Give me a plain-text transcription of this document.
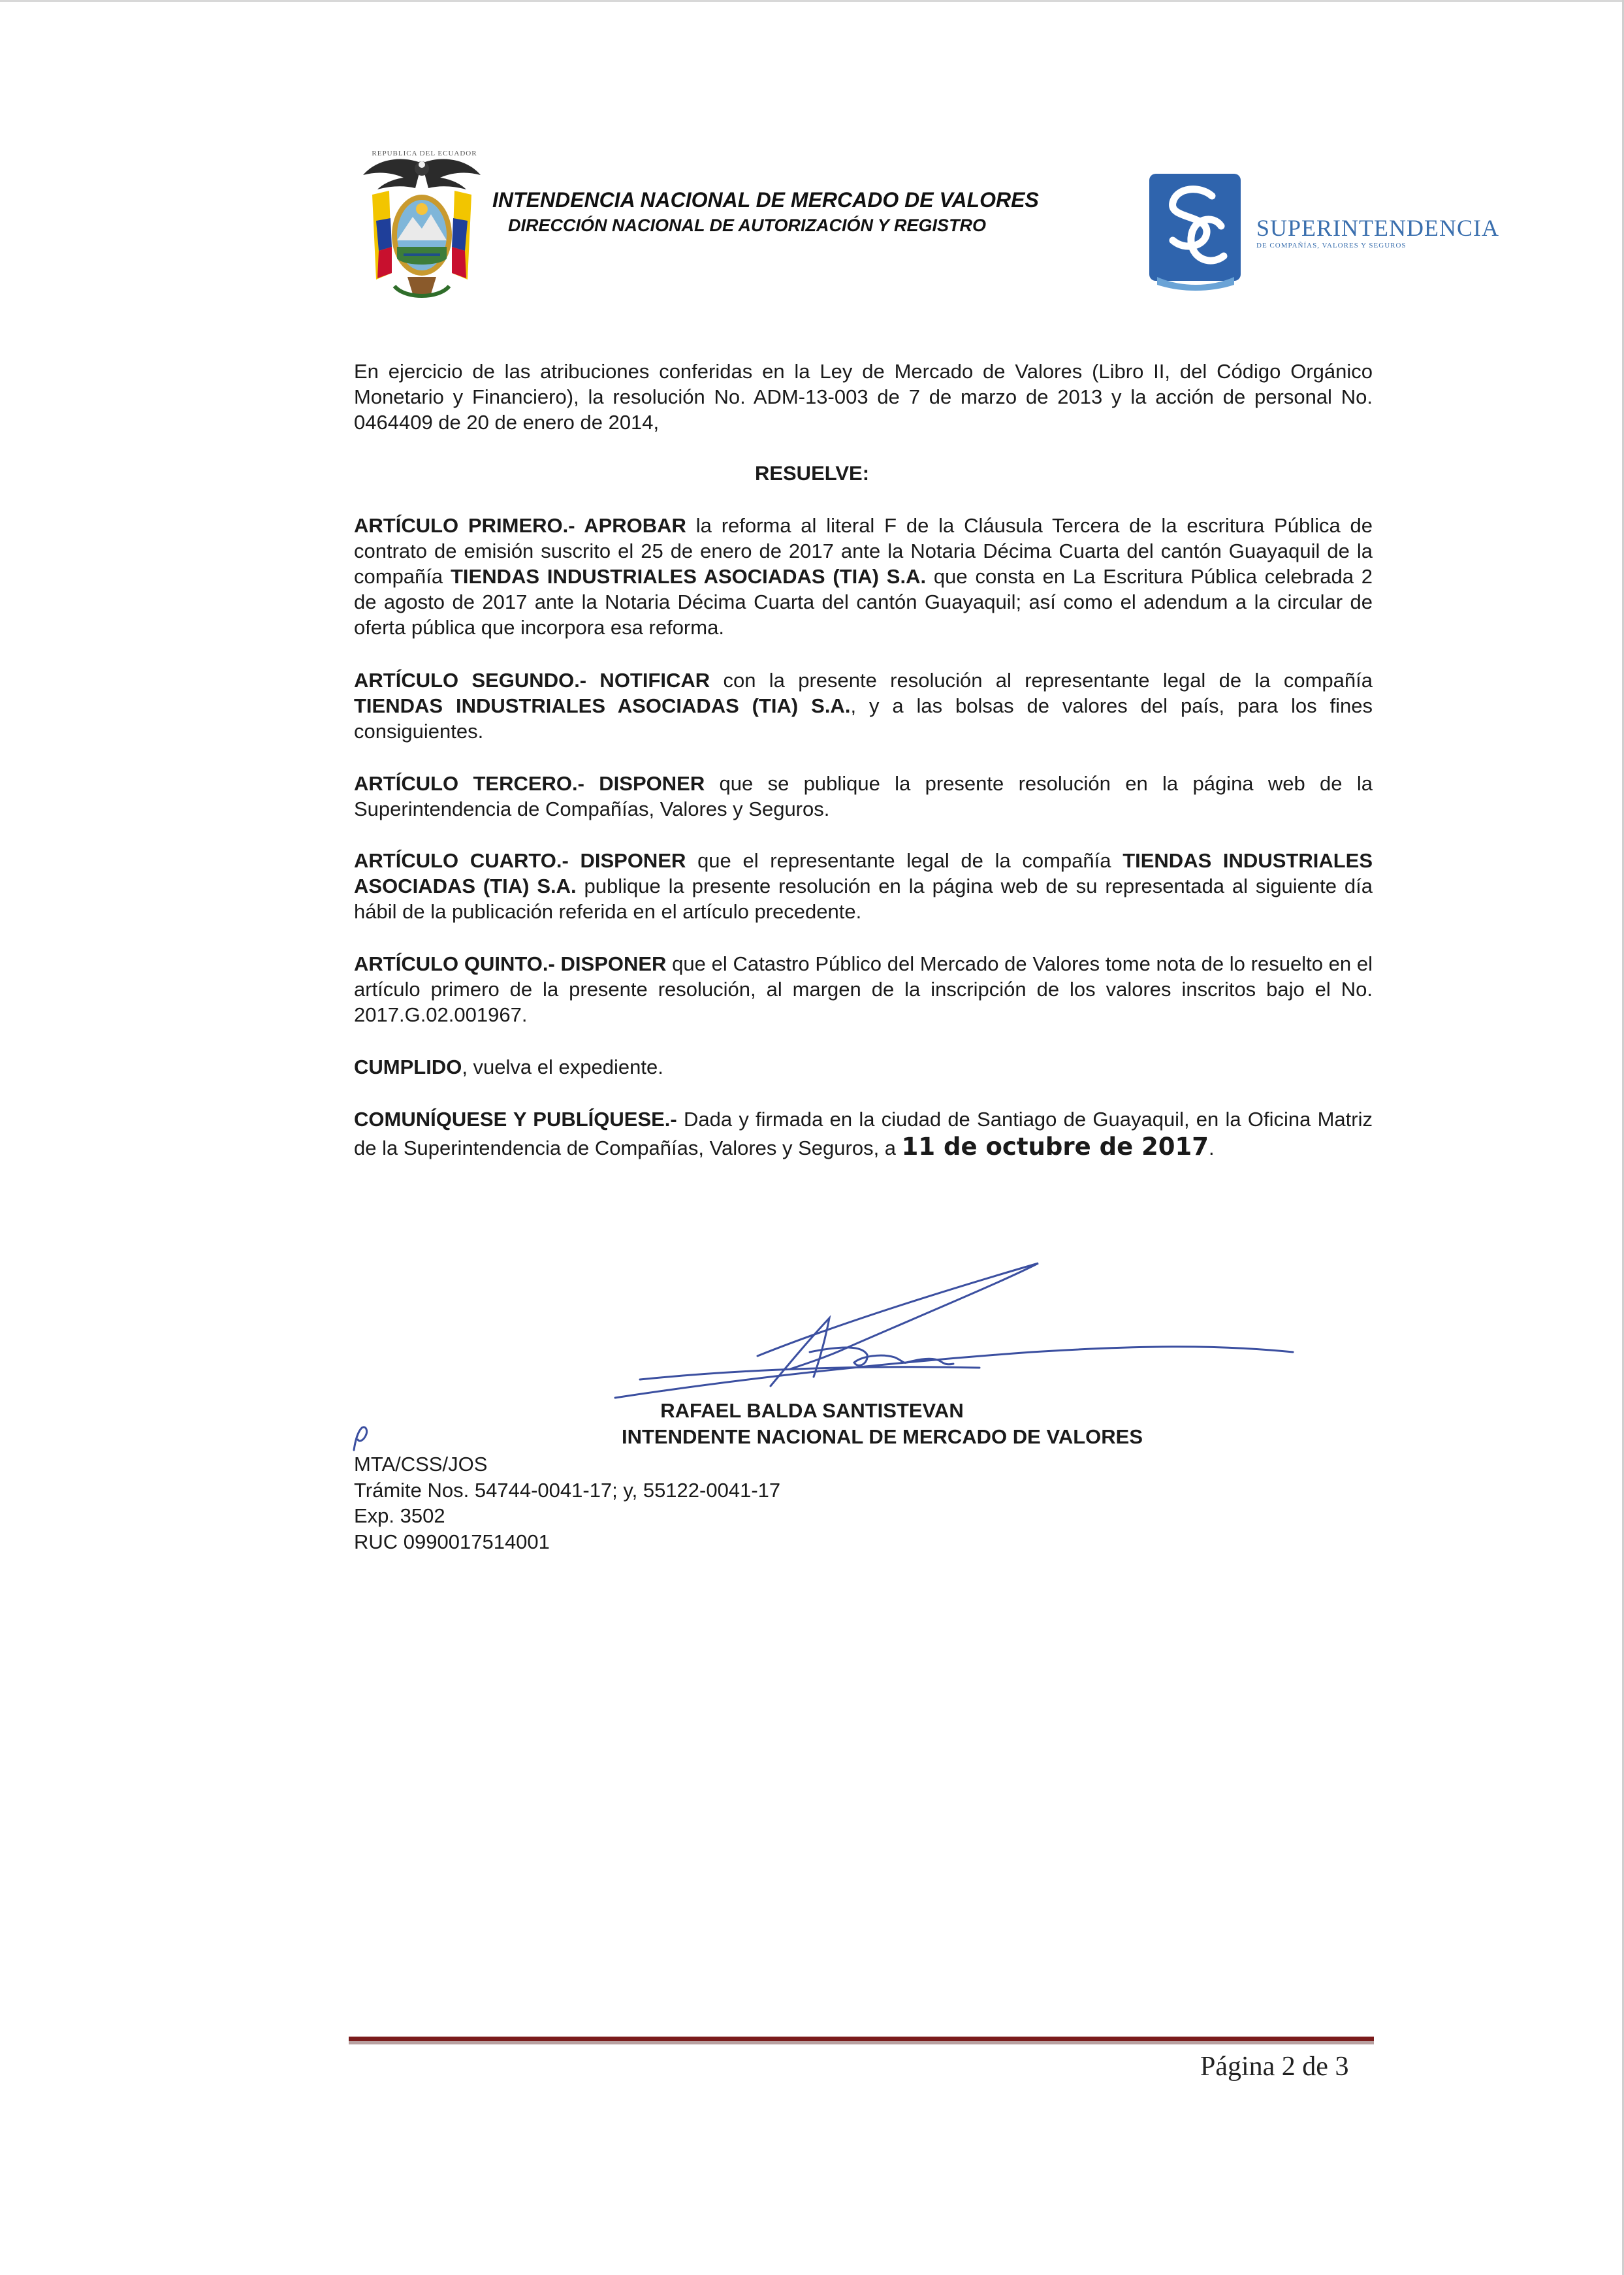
REPUBLICA DEL ECUADOR
INTENDENCIA NACIONAL DE MERCADO DE VALORES
DIRECCIÓN NACIONAL DE AUTORIZACIÓN Y REGISTRO	SUPERINTENDENCIA
DE COMPAÑÍAS, VALORES Y SEGUROS

En ejercicio de las atribuciones conferidas en la Ley de Mercado de Valores (Libro II, del Código Orgánico Monetario y Financiero), la resolución No. ADM-13-003 de 7 de marzo de 2013 y la acción de personal No. 0464409 de 20 de enero de 2014,

RESUELVE:

ARTÍCULO PRIMERO.- APROBAR la reforma al literal F de la Cláusula Tercera de la escritura Pública de contrato de emisión suscrito el 25 de enero de 2017 ante la Notaria Décima Cuarta del cantón Guayaquil de la compañía TIENDAS INDUSTRIALES ASOCIADAS (TIA) S.A. que consta en La Escritura Pública celebrada 2 de agosto de 2017 ante la Notaria Décima Cuarta del cantón Guayaquil; así como el adendum a la circular de oferta pública que incorpora esa reforma.

ARTÍCULO SEGUNDO.- NOTIFICAR con la presente resolución al representante legal de la compañía TIENDAS INDUSTRIALES ASOCIADAS (TIA) S.A., y a las bolsas de valores del país, para los fines consiguientes.

ARTÍCULO TERCERO.- DISPONER que se publique la presente resolución en la página web de la Superintendencia de Compañías, Valores y Seguros.

ARTÍCULO CUARTO.- DISPONER que el representante legal de la compañía TIENDAS INDUSTRIALES ASOCIADAS (TIA) S.A. publique la presente resolución en la página web de su representada al siguiente día hábil de la publicación referida en el artículo precedente.

ARTÍCULO QUINTO.- DISPONER que el Catastro Público del Mercado de Valores tome nota de lo resuelto en el artículo primero de la presente resolución, al margen de la inscripción de los valores inscritos bajo el No. 2017.G.02.001967.

CUMPLIDO, vuelva el expediente.

COMUNÍQUESE Y PUBLÍQUESE.- Dada y firmada en la ciudad de Santiago de Guayaquil, en la Oficina Matriz de la Superintendencia de Compañías, Valores y Seguros, a 11 de octubre de 2017.

RAFAEL BALDA SANTISTEVAN
INTENDENTE NACIONAL DE MERCADO DE VALORES
MTA/CSS/JOS
Trámite Nos. 54744-0041-17; y, 55122-0041-17
Exp. 3502
RUC 0990017514001
Página 2 de 3
